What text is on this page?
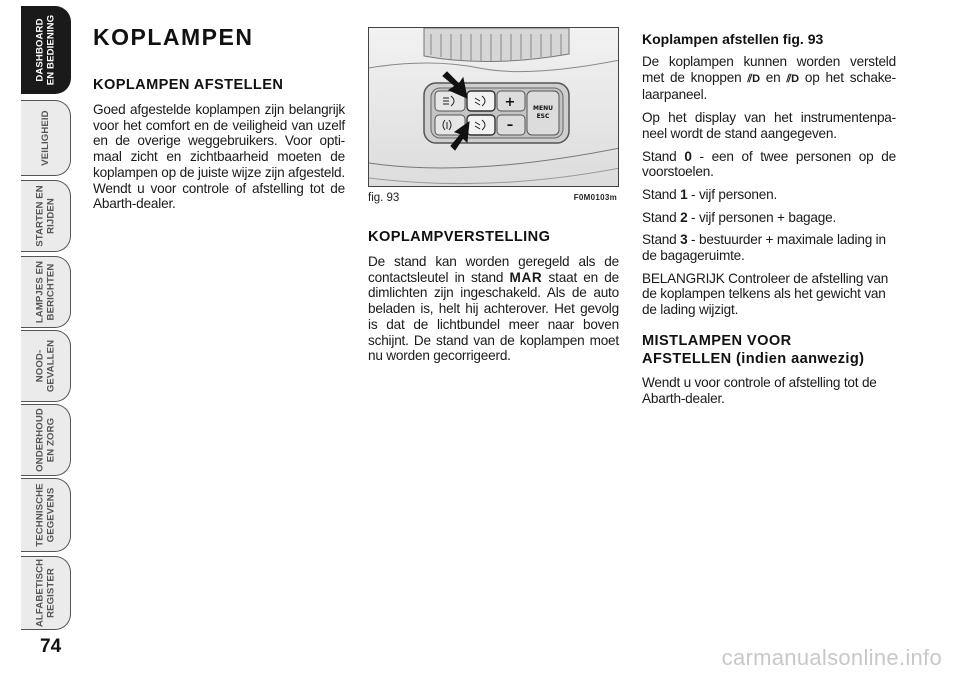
DASHBOARD
EN BEDIENING
VEILIGHEID
STARTEN EN
RIJDEN
LAMPJES EN
BERICHTEN
NOOD-
GEVALLEN
ONDERHOUD
EN ZORG
TECHNISCHE
GEGEVENS
ALFABETISCH
REGISTER
74
KOPLAMPEN
KOPLAMPEN AFSTELLEN

Goed afgestelde koplampen zijn belangrijk voor het comfort en de veiligheid van uzelf en de overige weggebruikers. Voor opti-maal zicht en zichtbaarheid moeten de koplampen op de juiste wijze zijn afgesteld. Wendt u voor controle of afstelling tot de Abarth-dealer.

+
–
MENU
ESC
fig. 93	F0M0103m
KOPLAMPVERSTELLING

De stand kan worden geregeld als de contactsleutel in stand MAR staat en de dimlichten zijn ingeschakeld. Als de auto beladen is, helt hij achterover. Het gevolg is dat de lichtbundel meer naar boven schijnt. De stand van de koplampen moet nu worden gecorrigeerd.

Koplampen afstellen fig. 93

De koplampen kunnen worden versteld met de knoppen ⫽D en ⫽D op het schake-laarpaneel.

Op het display van het instrumentenpa-neel wordt de stand aangegeven.

Stand 0 - een of twee personen op de voorstoelen.

Stand 1 - vijf personen.

Stand 2 - vijf personen + bagage.

Stand 3 - bestuurder + maximale lading in de bagageruimte.

BELANGRIJK Controleer de afstelling van de koplampen telkens als het gewicht van de lading wijzigt.

MISTLAMPEN VOOR
AFSTELLEN (indien aanwezig)

Wendt u voor controle of afstelling tot de Abarth-dealer.

carmanualsonline.info
